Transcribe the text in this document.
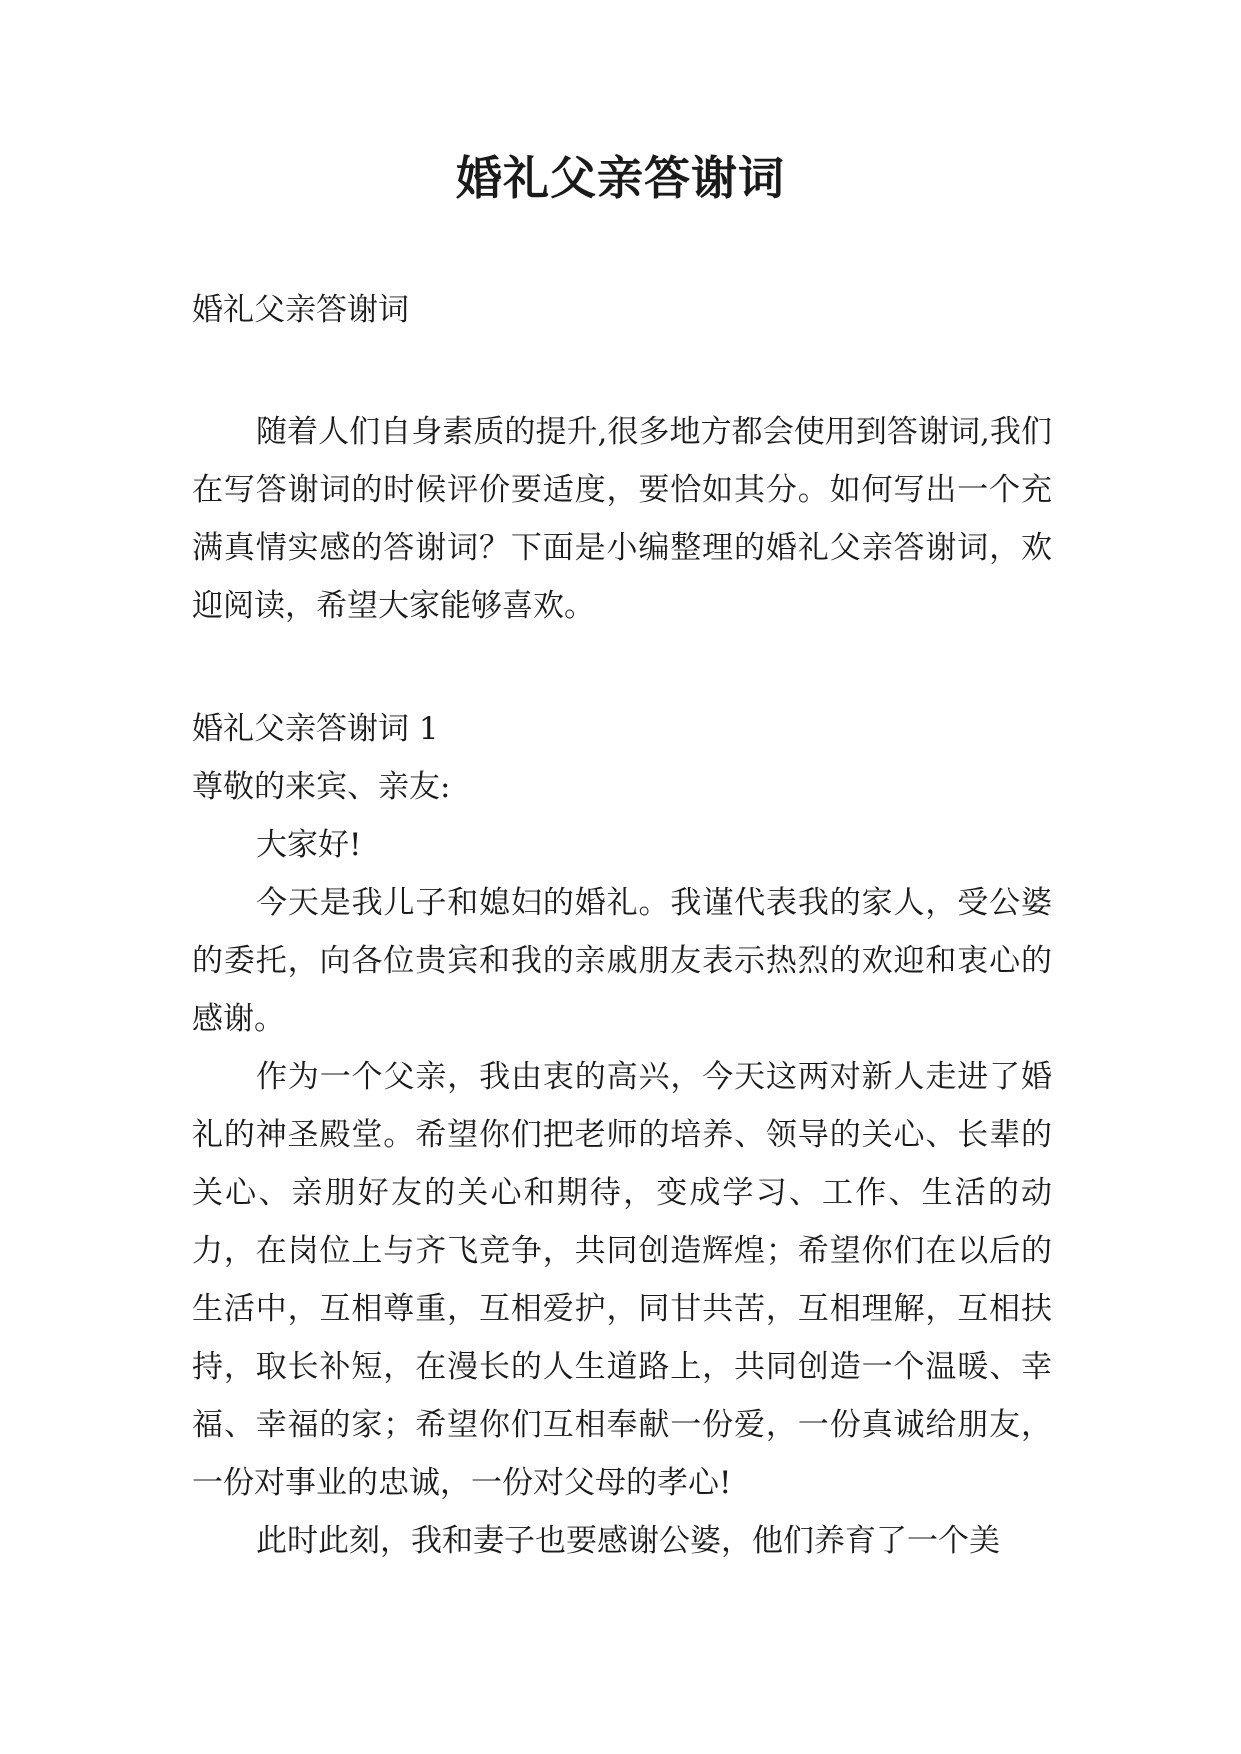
婚礼父亲答谢词
婚礼父亲答谢词

随着人们自身素质的提升,很多地方都会使用到答谢词,我们在写答谢词的时候评价要适度，要恰如其分。如何写出一个充满真情实感的答谢词？下面是小编整理的婚礼父亲答谢词，欢迎阅读，希望大家能够喜欢。

婚礼父亲答谢词 1

尊敬的来宾、亲友:

大家好!

今天是我儿子和媳妇的婚礼。我谨代表我的家人，受公婆的委托，向各位贵宾和我的亲戚朋友表示热烈的欢迎和衷心的感谢。

作为一个父亲，我由衷的高兴，今天这两对新人走进了婚礼的神圣殿堂。希望你们把老师的培养、领导的关心、长辈的关心、亲朋好友的关心和期待，变成学习、工作、生活的动力，在岗位上与齐飞竞争，共同创造辉煌；希望你们在以后的生活中，互相尊重，互相爱护，同甘共苦，互相理解，互相扶持，取长补短，在漫长的人生道路上，共同创造一个温暖、幸福、幸福的家；希望你们互相奉献一份爱，一份真诚给朋友，一份对事业的忠诚，一份对父母的孝心!

此时此刻，我和妻子也要感谢公婆，他们养育了一个美
